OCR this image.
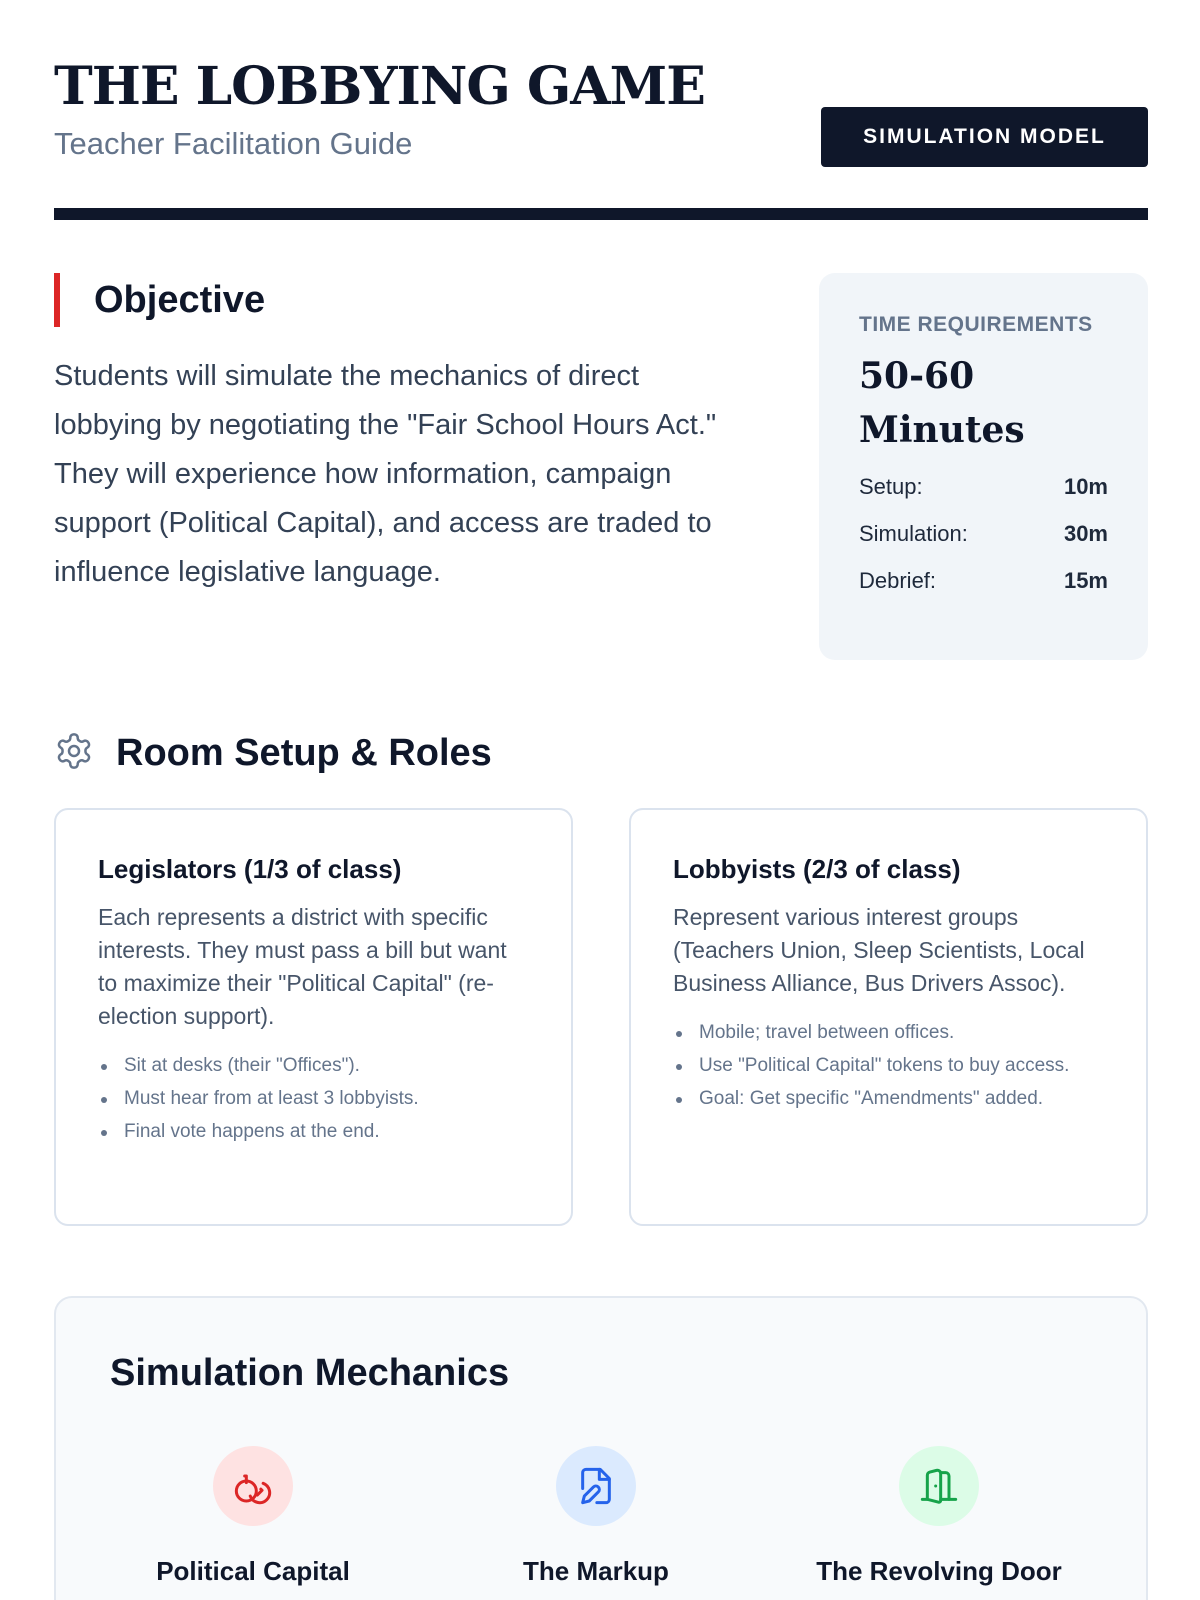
THE LOBBYING GAME
Teacher Facilitation Guide	SIMULATION MODEL
Objective

Students will simulate the mechanics of direct lobbying by negotiating the "Fair School Hours Act." They will experience how information, campaign support (Political Capital), and access are traded to influence legislative language.

TIME REQUIREMENTS
50-60 Minutes
Setup:	10m
Simulation:	30m
Debrief:	15m
Room Setup & Roles
Legislators (1/3 of class)

Each represents a district with specific interests. They must pass a bill but want to maximize their "Political Capital" (re-election support).

Sit at desks (their "Offices").
Must hear from at least 3 lobbyists.
Final vote happens at the end.
Lobbyists (2/3 of class)

Represent various interest groups (Teachers Union, Sleep Scientists, Local Business Alliance, Bus Drivers Assoc).

Mobile; travel between offices.
Use "Political Capital" tokens to buy access.
Goal: Get specific "Amendments" added.
Simulation Mechanics
Political Capital	The Markup	The Revolving Door
